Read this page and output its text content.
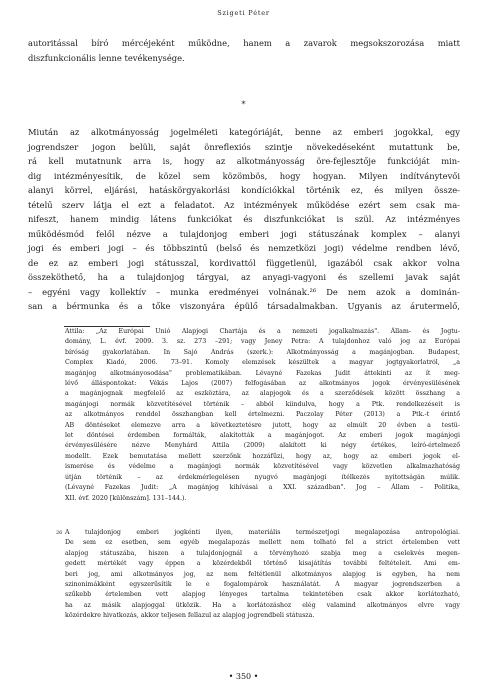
Szigeti Péter
autoritással bíró mércéjeként működne, hanem a zavarok megsokszorozása miatt
diszfunkcionális lenne tevékenysége.
*
Miután az alkotmányosság jogelméleti kategóriáját, benne az emberi jogokkal, egy
jogrendszer jogon belüli, saját önreflexiós szintje növekedéseként mutattunk be,
rá kell mutatnunk arra is, hogy az alkotmányosság öre-fejlesztője funkcióját min-
dig intézményesítik, de közel sem közömbös, hogy hogyan. Milyen indítványtevői
alanyi körrel, eljárási, hatáskörgyakorlási kondíciókkal történik ez, és milyen össze-
tételű szerv látja el ezt a feladatot. Az intézmények működése ezért sem csak ma-
nifeszt, hanem mindig látens funkciókat és diszfunkciókat is szül. Az intézményes
működésmód felől nézve a tulajdonjog emberi jogi státuszának komplex – alanyi
jogi és emberi jogi – és többszintű (belső és nemzetközi jogi) védelme rendben lévő,
de ez az emberi jogi státusszal, kordivattól függetlenül, igazából csak akkor volna
összeköthető, ha a tulajdonjog tárgyai, az anyagi-vagyoni és szellemi javak saját
– egyéni vagy kollektív – munka eredményei volnának.²⁶ De nem azok a dominán-
san a bérmunka és a tőke viszonyára épülő társadalmakban. Ugyanis az árutermelő,
Attila: „Az Európai Unió Alapjogi Chartája és a nemzeti jogalkalmazás". Állam- és Jogtu-
domány, L. évf. 2009. 3. sz. 273 –291; vagy Jeney Petra: A tulajdonhoz való jog az Európai
bíróság gyakorlatában. In Sajó András (szerk.): Alkotmányosság a magánjogban. Budapest,
Complex Kiadó, 2006. 73–91. Komoly elemzések készültek a magyar jogtgyakorlatról, „a
magánjog alkotmányosodása" problematikában. Lévayné Fazekas Judit áttekinti az ít meg-
lévő álláspontokat: Vékás Lajos (2007) felfogásában az alkotmányos jogok érvényesülésének
a magánjognak megfelelő az eszköztára, az alapjogok és a szerződések között összhang a
magánjogi normák közvetítésével történik – abból kiindulva, hogy a Ptk. rendelkezéseit is
az alkotmányos renddel összhangban kell értelmezni. Paczolay Péter (2013) a Ptk.-t érintő
AB döntéseket elemezve arra a következtetésre jutott, hogy az elmúlt 20 évben a testü-
let döntései érdemben formálták, alakították a magánjogot. Az emberi jogok magánjogi
érvényesülésére nézve Menyhárd Attila (2009) alakított ki négy értékes, leíró-értelmező
modellt. Ezek bemutatása mellett szerzőnk hozzáfűzi, hogy az, hogy az emberi jogok el-
ismerése és védelme a magánjogi normák közvetítésével vagy közvetlen alkalmazhatóság
útján történik – az érdekmérlegelésen nyugvó magánjogi ítélkezés nyitottságán múlik.
(Lévayné Fazekas Judit: „A magánjog kihívásai a XXI. században". Jog – Állam – Politika,
XII. évf. 2020 [különszám]. 131–144.).
26 A tulajdonjog emberi jogkénti ilyen, materiális természetjogi megalapozása antropológiai.
De sem ez esetben, sem egyéb megalapozás mellett nem tolható fel a strict értelemben vett
alapjog státuszába, hiszen a tulajdonjognál a törvényhozó szabja meg a cselekvés megen-
gedett mértékét vagy éppen a közérdekből történő kisajátítás további feltételeit. Ami em-
beri jog, ami alkotmányos jog, az nem feltétlenül alkotmányos alapjog is egyben, ha nem
szinonimákként egyszerűsítik le e fogalompárok használatát. A magyar jogrendszerben a
szűkebb értelemben vett alapjog lényeges tartalma tekintetében csak akkor korlátozható,
ha az másik alapjoggal ütközik. Ha a korlátozáshoz elég valamind alkotmányos elvre vagy
közérdekre hivatkozás, akkor teljesen fellazul az alapjog jogrendbeli státusza.
• 350 •
